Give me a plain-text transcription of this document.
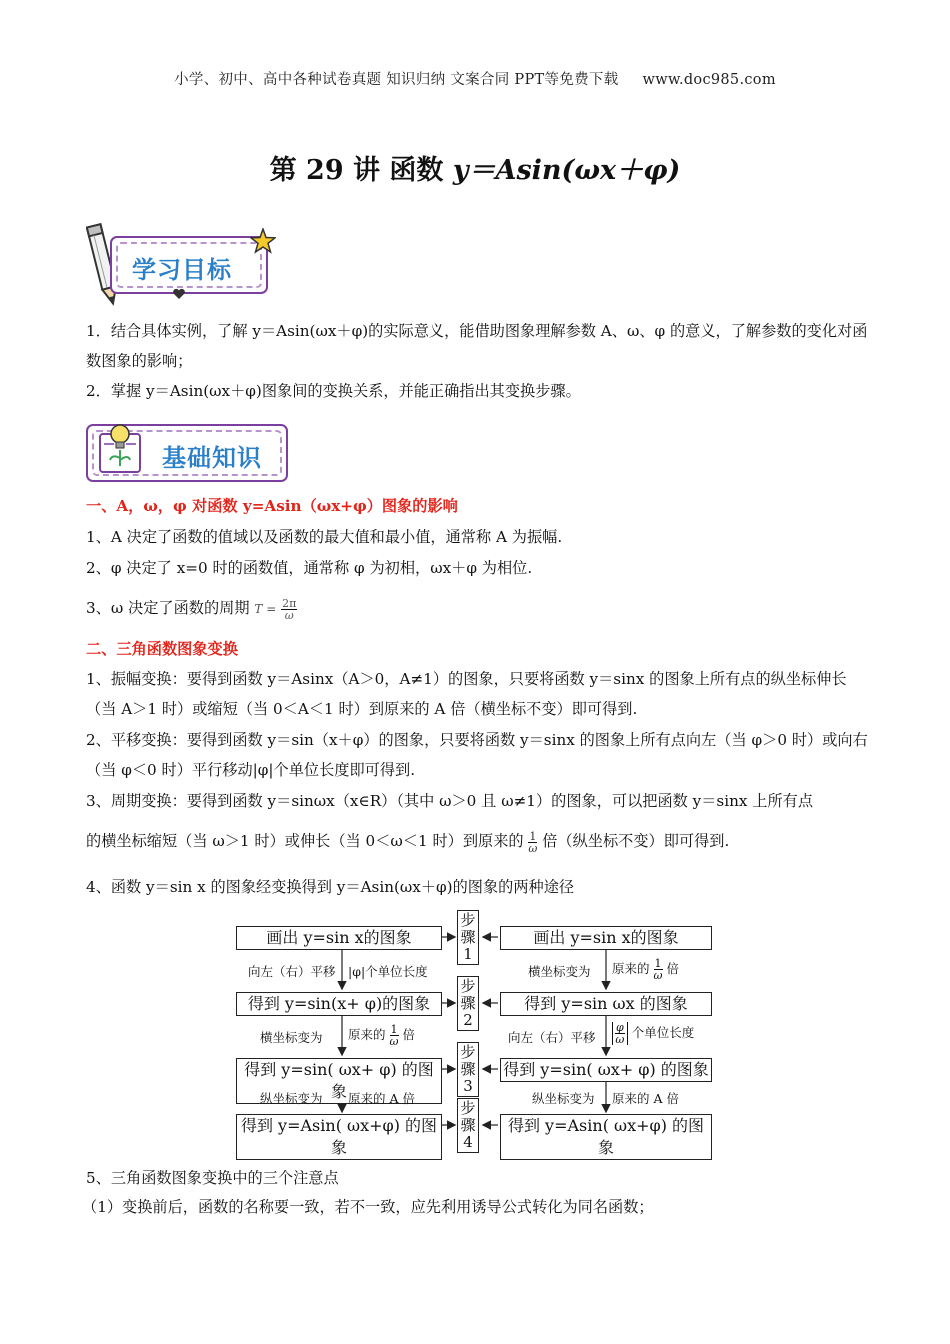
小学、初中、高中各种试卷真题 知识归纳 文案合同 PPT等免费下载 www.doc985.com
第 29 讲 函数 y＝Asin(ωx＋φ)
学习目标
1．结合具体实例，了解 y＝Asin(ωx＋φ)的实际意义，能借助图象理解参数 A、ω、φ 的意义，了解参数的变化对函数图象的影响；
2．掌握 y＝Asin(ωx＋φ)图象间的变换关系，并能正确指出其变换步骤。
基础知识
一、A，ω，φ 对函数 y=Asin（ωx+φ）图象的影响
1、A 决定了函数的值域以及函数的最大值和最小值，通常称 A 为振幅.
2、φ 决定了 x=0 时的函数值，通常称 φ 为初相，ωx＋φ 为相位.
3、ω 决定了函数的周期 $T = \frac{2\pi}{\omega}$
二、三角函数图象变换
1、振幅变换：要得到函数 y＝Asinx（A＞0，A≠1）的图象，只要将函数 y＝sinx 的图象上所有点的纵坐标伸长（当 A＞1 时）或缩短（当 0＜A＜1 时）到原来的 A 倍（横坐标不变）即可得到.
2、平移变换：要得到函数 y＝sin（x＋φ）的图象，只要将函数 y＝sinx 的图象上所有点向左（当 φ＞0 时）或向右（当 φ＜0 时）平行移动|φ|个单位长度即可得到.
3、周期变换：要得到函数 y＝sinωx（x∈R）（其中 ω＞0 且 ω≠1）的图象，可以把函数 y＝sinx 上所有点
的横坐标缩短（当 ω＞1 时）或伸长（当 0＜ω＜1 时）到原来的 $\frac{1}{\omega}$ 倍（纵坐标不变）即可得到.
4、函数 y＝sin x 的图象经变换得到 y＝Asin(ωx＋φ)的图象的两种途径
画出 y=sin x的图象
得到 y=sin(x+ φ)的图象
得到 y=sin( ωx+ φ) 的图象
得到 y=Asin( ωx+φ) 的图象
画出 y=sin x的图象
得到 y=sin ωx 的图象
得到 y=sin( ωx+ φ) 的图象
得到 y=Asin( ωx+φ) 的图象
步
骤
1
步
骤
2
步
骤
3
步
骤
4
向左（右）平移 |φ|个单位长度
横坐标变为 原来的 $\frac{1}{\omega}$ 倍
纵坐标变为 原来的 A 倍
横坐标变为 原来的 $\frac{1}{\omega}$ 倍
向左（右）平移 $\frac{\varphi}{\omega}$ 个单位长度
纵坐标变为 原来的 A 倍
5、三角函数图象变换中的三个注意点
（1）变换前后，函数的名称要一致，若不一致，应先利用诱导公式转化为同名函数；
